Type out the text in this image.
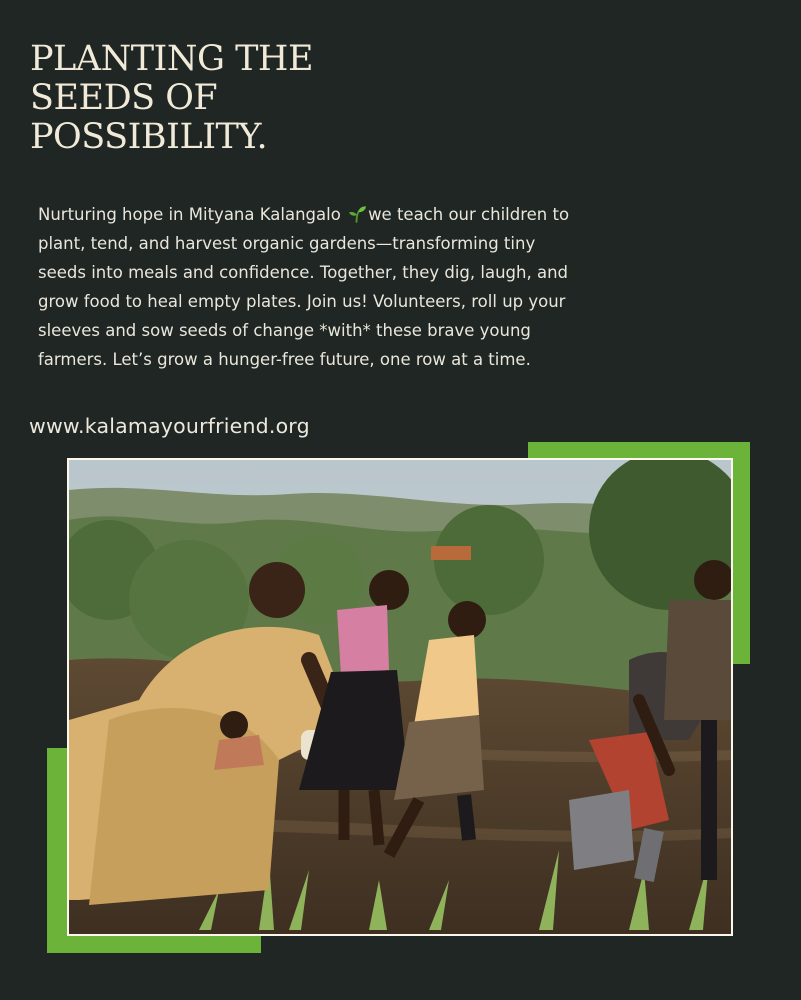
PLANTING THE
SEEDS OF
POSSIBILITY.

Nurturing hope in Mityana Kalangalo we teach our children to plant, tend, and harvest organic gardens—transforming tiny seeds into meals and confidence. Together, they dig, laugh, and grow food to heal empty plates. Join us! Volunteers, roll up your sleeves and sow seeds of change *with* these brave young farmers. Let’s grow a hunger-free future, one row at a time.

www.kalamayourfriend.org
